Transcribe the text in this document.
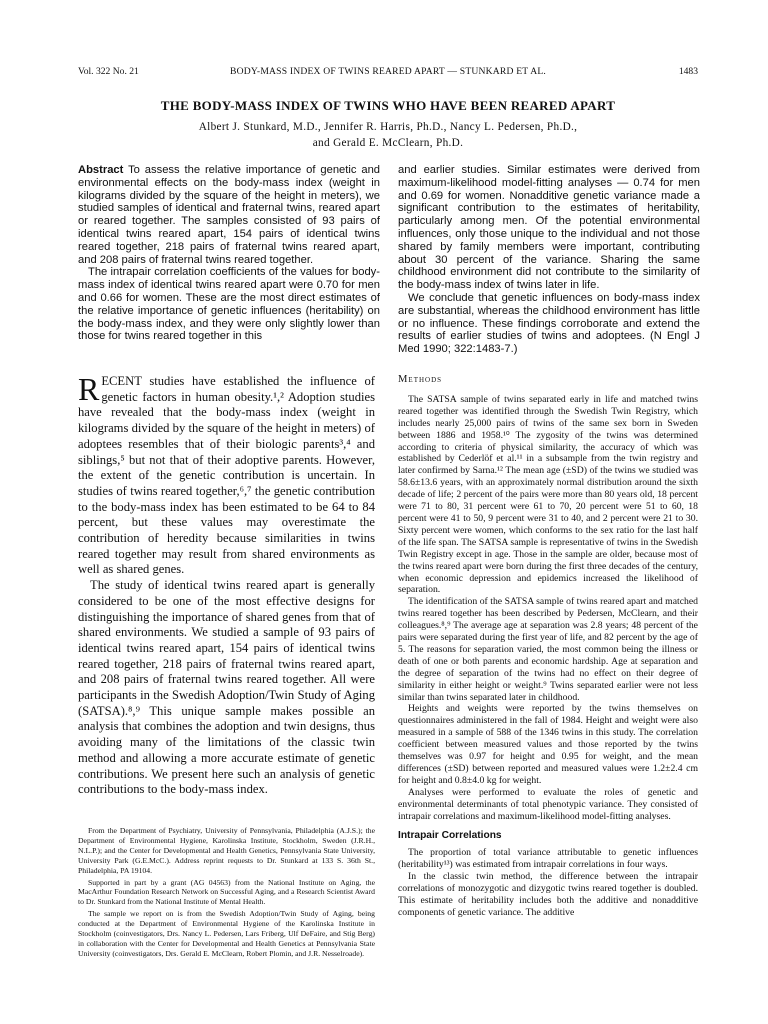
Vol. 322 No. 21	BODY-MASS INDEX OF TWINS REARED APART — STUNKARD ET AL.	1483
THE BODY-MASS INDEX OF TWINS WHO HAVE BEEN REARED APART
Albert J. Stunkard, M.D., Jennifer R. Harris, Ph.D., Nancy L. Pedersen, Ph.D.,
and Gerald E. McClearn, Ph.D.

Abstract To assess the relative importance of genetic and environmental effects on the body-mass index (weight in kilograms divided by the square of the height in meters), we studied samples of identical and fraternal twins, reared apart or reared together. The samples consisted of 93 pairs of identical twins reared apart, 154 pairs of identical twins reared together, 218 pairs of fraternal twins reared apart, and 208 pairs of fraternal twins reared together.

The intrapair correlation coefficients of the values for body-mass index of identical twins reared apart were 0.70 for men and 0.66 for women. These are the most direct estimates of the relative importance of genetic influences (heritability) on the body-mass index, and they were only slightly lower than those for twins reared together in this

and earlier studies. Similar estimates were derived from maximum-likelihood model-fitting analyses — 0.74 for men and 0.69 for women. Nonadditive genetic variance made a significant contribution to the estimates of heritability, particularly among men. Of the potential environmental influences, only those unique to the individual and not those shared by family members were important, contributing about 30 percent of the variance. Sharing the same childhood environment did not contribute to the similarity of the body-mass index of twins later in life.

We conclude that genetic influences on body-mass index are substantial, whereas the childhood environment has little or no influence. These findings corroborate and extend the results of earlier studies of twins and adoptees. (N Engl J Med 1990; 322:1483-7.)

RECENT studies have established the influence of genetic factors in human obesity.¹,² Adoption studies have revealed that the body-mass index (weight in kilograms divided by the square of the height in meters) of adoptees resembles that of their biologic parents³,⁴ and siblings,⁵ but not that of their adoptive parents. However, the extent of the genetic contribution is uncertain. In studies of twins reared together,⁶,⁷ the genetic contribution to the body-mass index has been estimated to be 64 to 84 percent, but these values may overestimate the contribution of heredity because similarities in twins reared together may result from shared environments as well as shared genes.

The study of identical twins reared apart is generally considered to be one of the most effective designs for distinguishing the importance of shared genes from that of shared environments. We studied a sample of 93 pairs of identical twins reared apart, 154 pairs of identical twins reared together, 218 pairs of fraternal twins reared apart, and 208 pairs of fraternal twins reared together. All were participants in the Swedish Adoption/Twin Study of Aging (SATSA).⁸,⁹ This unique sample makes possible an analysis that combines the adoption and twin designs, thus avoiding many of the limitations of the classic twin method and allowing a more accurate estimate of genetic contributions. We present here such an analysis of genetic contributions to the body-mass index.

From the Department of Psychiatry, University of Pennsylvania, Philadelphia (A.J.S.); the Department of Environmental Hygiene, Karolinska Institute, Stockholm, Sweden (J.R.H., N.L.P.); and the Center for Developmental and Health Genetics, Pennsylvania State University, University Park (G.E.McC.). Address reprint requests to Dr. Stunkard at 133 S. 36th St., Philadelphia, PA 19104.

Supported in part by a grant (AG 04563) from the National Institute on Aging, the MacArthur Foundation Research Network on Successful Aging, and a Research Scientist Award to Dr. Stunkard from the National Institute of Mental Health.

The sample we report on is from the Swedish Adoption/Twin Study of Aging, being conducted at the Department of Environmental Hygiene of the Karolinska Institute in Stockholm (coinvestigators, Drs. Nancy L. Pedersen, Lars Friberg, Ulf DeFaire, and Stig Berg) in collaboration with the Center for Developmental and Health Genetics at Pennsylvania State University (coinvestigators, Drs. Gerald E. McClearn, Robert Plomin, and J.R. Nesselroade).

Methods

The SATSA sample of twins separated early in life and matched twins reared together was identified through the Swedish Twin Registry, which includes nearly 25,000 pairs of twins of the same sex born in Sweden between 1886 and 1958.¹⁰ The zygosity of the twins was determined according to criteria of physical similarity, the accuracy of which was established by Cederlöf et al.¹¹ in a subsample from the twin registry and later confirmed by Sarna.¹² The mean age (±SD) of the twins we studied was 58.6±13.6 years, with an approximately normal distribution around the sixth decade of life; 2 percent of the pairs were more than 80 years old, 18 percent were 71 to 80, 31 percent were 61 to 70, 20 percent were 51 to 60, 18 percent were 41 to 50, 9 percent were 31 to 40, and 2 percent were 21 to 30. Sixty percent were women, which conforms to the sex ratio for the last half of the life span. The SATSA sample is representative of twins in the Swedish Twin Registry except in age. Those in the sample are older, because most of the twins reared apart were born during the first three decades of the century, when economic depression and epidemics increased the likelihood of separation.

The identification of the SATSA sample of twins reared apart and matched twins reared together has been described by Pedersen, McClearn, and their colleagues.⁸,⁹ The average age at separation was 2.8 years; 48 percent of the pairs were separated during the first year of life, and 82 percent by the age of 5. The reasons for separation varied, the most common being the illness or death of one or both parents and economic hardship. Age at separation and the degree of separation of the twins had no effect on their degree of similarity in either height or weight.⁹ Twins separated earlier were not less similar than twins separated later in childhood.

Heights and weights were reported by the twins themselves on questionnaires administered in the fall of 1984. Height and weight were also measured in a sample of 588 of the 1346 twins in this study. The correlation coefficient between measured values and those reported by the twins themselves was 0.97 for height and 0.95 for weight, and the mean differences (±SD) between reported and measured values were 1.2±2.4 cm for height and 0.8±4.0 kg for weight.

Analyses were performed to evaluate the roles of genetic and environmental determinants of total phenotypic variance. They consisted of intrapair correlations and maximum-likelihood model-fitting analyses.

Intrapair Correlations

The proportion of total variance attributable to genetic influences (heritability¹³) was estimated from intrapair correlations in four ways.

In the classic twin method, the difference between the intrapair correlations of monozygotic and dizygotic twins reared together is doubled. This estimate of heritability includes both the additive and nonadditive components of genetic variance. The additive
